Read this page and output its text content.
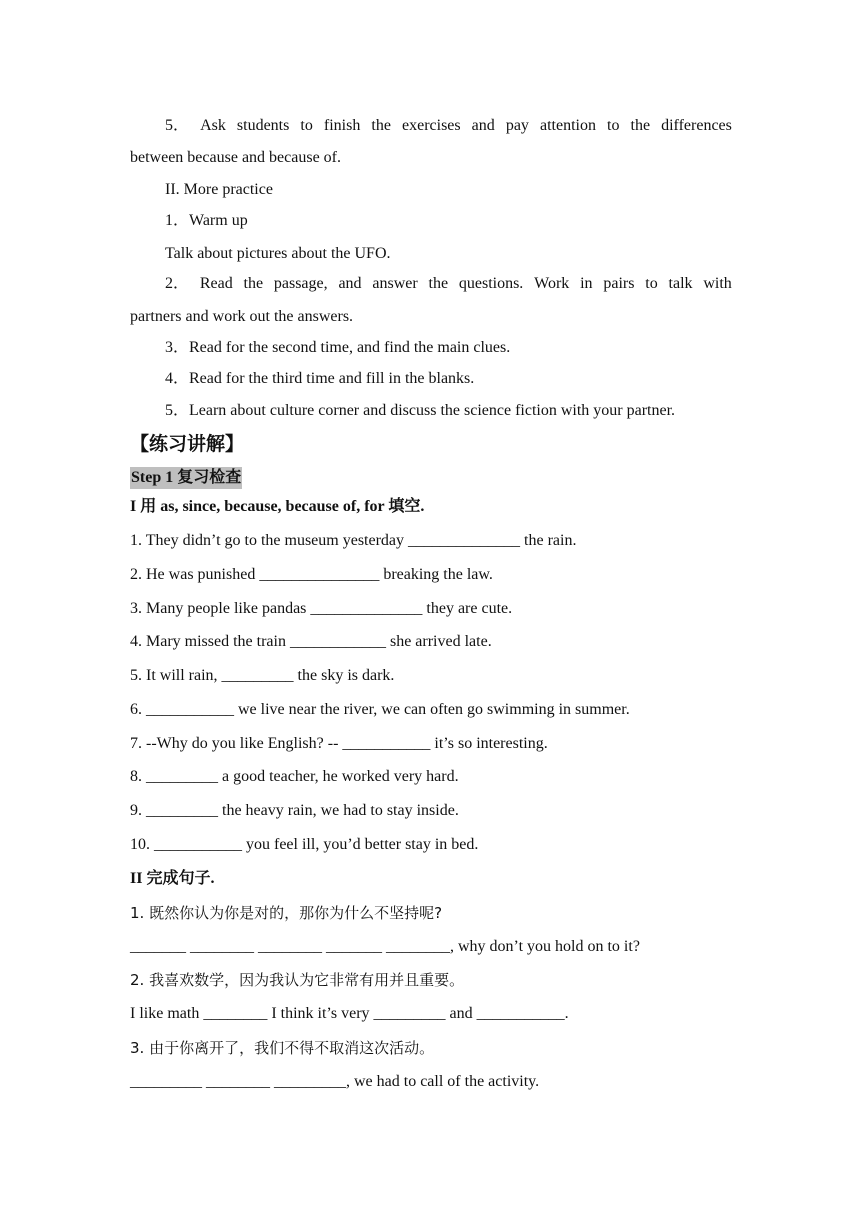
5． Ask students to finish the exercises and pay attention to the differences
between because and because of.
II. More practice
1．Warm up
Talk about pictures about the UFO.
2． Read the passage, and answer the questions. Work in pairs to talk with
partners and work out the answers.
3．Read for the second time, and find the main clues.
4．Read for the third time and fill in the blanks.
5．Learn about culture corner and discuss the science fiction with your partner.
【练习讲解】
Step 1 复习检查
I 用 as, since, because, because of, for 填空.
1. They didn’t go to the museum yesterday ______________ the rain.
2. He was punished _______________ breaking the law.
3. Many people like pandas ______________ they are cute.
4. Mary missed the train ____________ she arrived late.
5. It will rain, _________ the sky is dark.
6. ___________ we live near the river, we can often go swimming in summer.
7. --Why do you like English? -- ___________ it’s so interesting.
8. _________ a good teacher, he worked very hard.
9. _________ the heavy rain, we had to stay inside.
10. ___________ you feel ill, you’d better stay in bed.
II 完成句子.
1. 既然你认为你是对的，那你为什么不坚持呢?
_______ ________ ________ _______ ________, why don’t you hold on to it?
2. 我喜欢数学，因为我认为它非常有用并且重要。
I like math ________ I think it’s very _________ and ___________.
3. 由于你离开了，我们不得不取消这次活动。
_________ ________ _________, we had to call of the activity.
